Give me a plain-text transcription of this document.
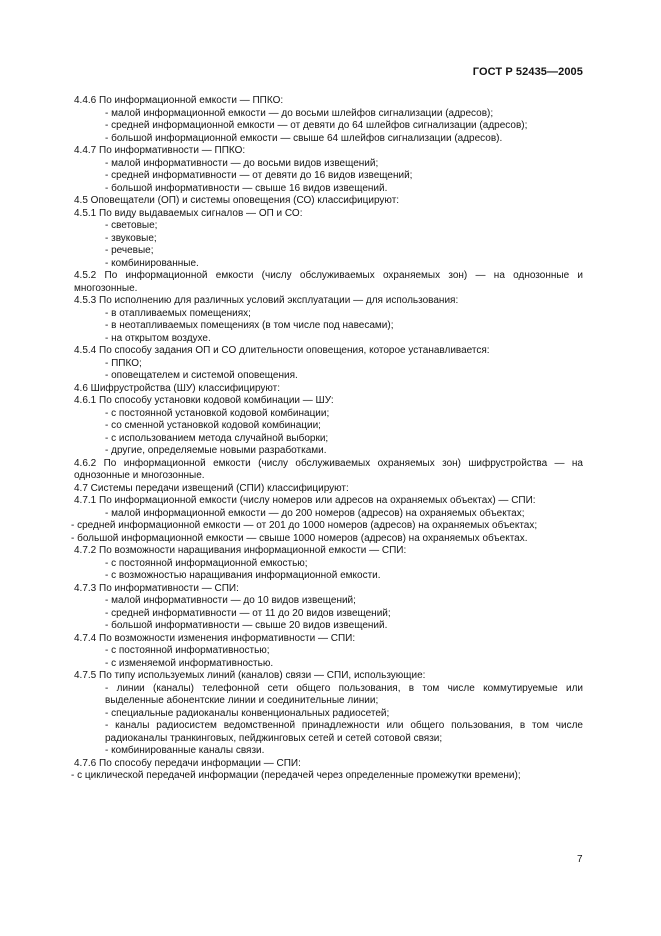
ГОСТ Р 52435—2005
4.4.6 По информационной емкости — ППКО:
- малой информационной емкости — до восьми шлейфов сигнализации (адресов);
- средней информационной емкости — от девяти до 64 шлейфов сигнализации (адресов);
- большой информационной емкости — свыше 64 шлейфов сигнализации (адресов).
4.4.7 По информативности — ППКО:
- малой информативности — до восьми видов извещений;
- средней информативности — от девяти до 16 видов извещений;
- большой информативности — свыше 16 видов извещений.
4.5 Оповещатели (ОП) и системы оповещения (СО) классифицируют:
4.5.1 По виду выдаваемых сигналов — ОП и СО:
- световые;
- звуковые;
- речевые;
- комбинированные.
4.5.2 По информационной емкости (числу обслуживаемых охраняемых зон) — на однозонные и многозонные.
4.5.3 По исполнению для различных условий эксплуатации — для использования:
- в отапливаемых помещениях;
- в неотапливаемых помещениях (в том числе под навесами);
- на открытом воздухе.
4.5.4 По способу задания ОП и СО длительности оповещения, которое устанавливается:
- ППКО;
- оповещателем и системой оповещения.
4.6 Шифрустройства (ШУ) классифицируют:
4.6.1 По способу установки кодовой комбинации — ШУ:
- с постоянной установкой кодовой комбинации;
- со сменной установкой кодовой комбинации;
- с использованием метода случайной выборки;
- другие, определяемые новыми разработками.
4.6.2 По информационной емкости (числу обслуживаемых охраняемых зон) шифрустройства — на однозонные и многозонные.
4.7 Системы передачи извещений (СПИ) классифицируют:
4.7.1 По информационной емкости (числу номеров или адресов на охраняемых объектах) — СПИ:
- малой информационной емкости — до 200 номеров (адресов) на охраняемых объектах;
- средней информационной емкости — от 201 до 1000 номеров (адресов) на охраняемых объектах;
- большой информационной емкости — свыше 1000 номеров (адресов) на охраняемых объектах.
4.7.2 По возможности наращивания информационной емкости — СПИ:
- с постоянной информационной емкостью;
- с возможностью наращивания информационной емкости.
4.7.3 По информативности — СПИ:
- малой информативности — до 10 видов извещений;
- средней информативности — от 11 до 20 видов извещений;
- большой информативности — свыше 20 видов извещений.
4.7.4 По возможности изменения информативности — СПИ:
- с постоянной информативностью;
- с изменяемой информативностью.
4.7.5 По типу используемых линий (каналов) связи — СПИ, использующие:
- линии (каналы) телефонной сети общего пользования, в том числе коммутируемые или выделенные абонентские линии и соединительные линии;
- специальные радиоканалы конвенциональных радиосетей;
- каналы радиосистем ведомственной принадлежности или общего пользования, в том числе радиоканалы транкинговых, пейджинговых сетей и сетей сотовой связи;
- комбинированные каналы связи.
4.7.6 По способу передачи информации — СПИ:
- с циклической передачей информации (передачей через определенные промежутки времени);
7
